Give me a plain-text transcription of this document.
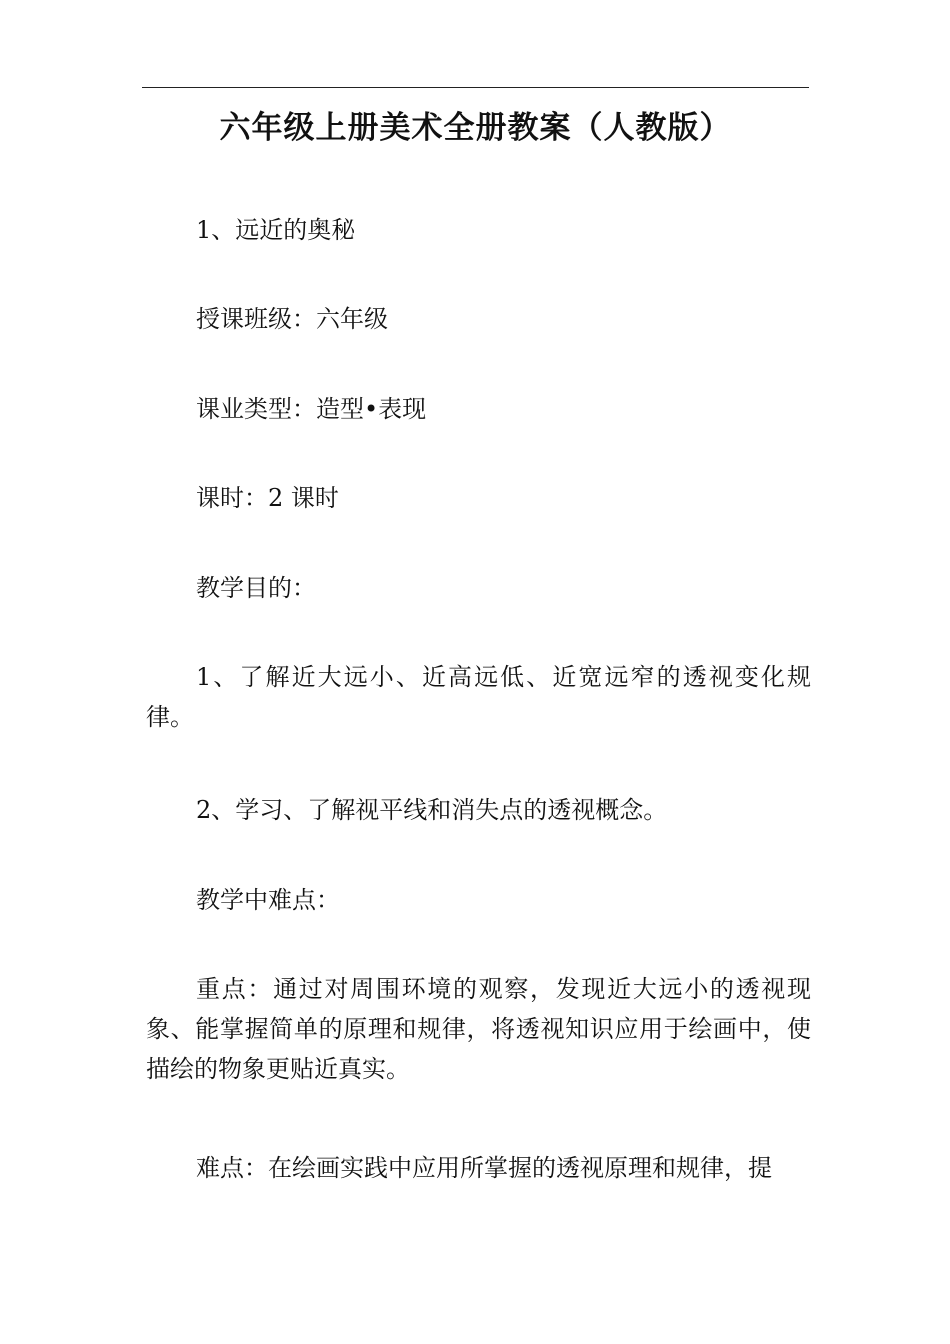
六年级上册美术全册教案（人教版）

1、远近的奥秘

授课班级：六年级

课业类型：造型•表现

课时：2 课时

教学目的：

1、了解近大远小、近高远低、近宽远窄的透视变化规律。

2、学习、了解视平线和消失点的透视概念。

教学中难点：

重点：通过对周围环境的观察，发现近大远小的透视现象、能掌握简单的原理和规律，将透视知识应用于绘画中，使描绘的物象更贴近真实。

难点：在绘画实践中应用所掌握的透视原理和规律，提
